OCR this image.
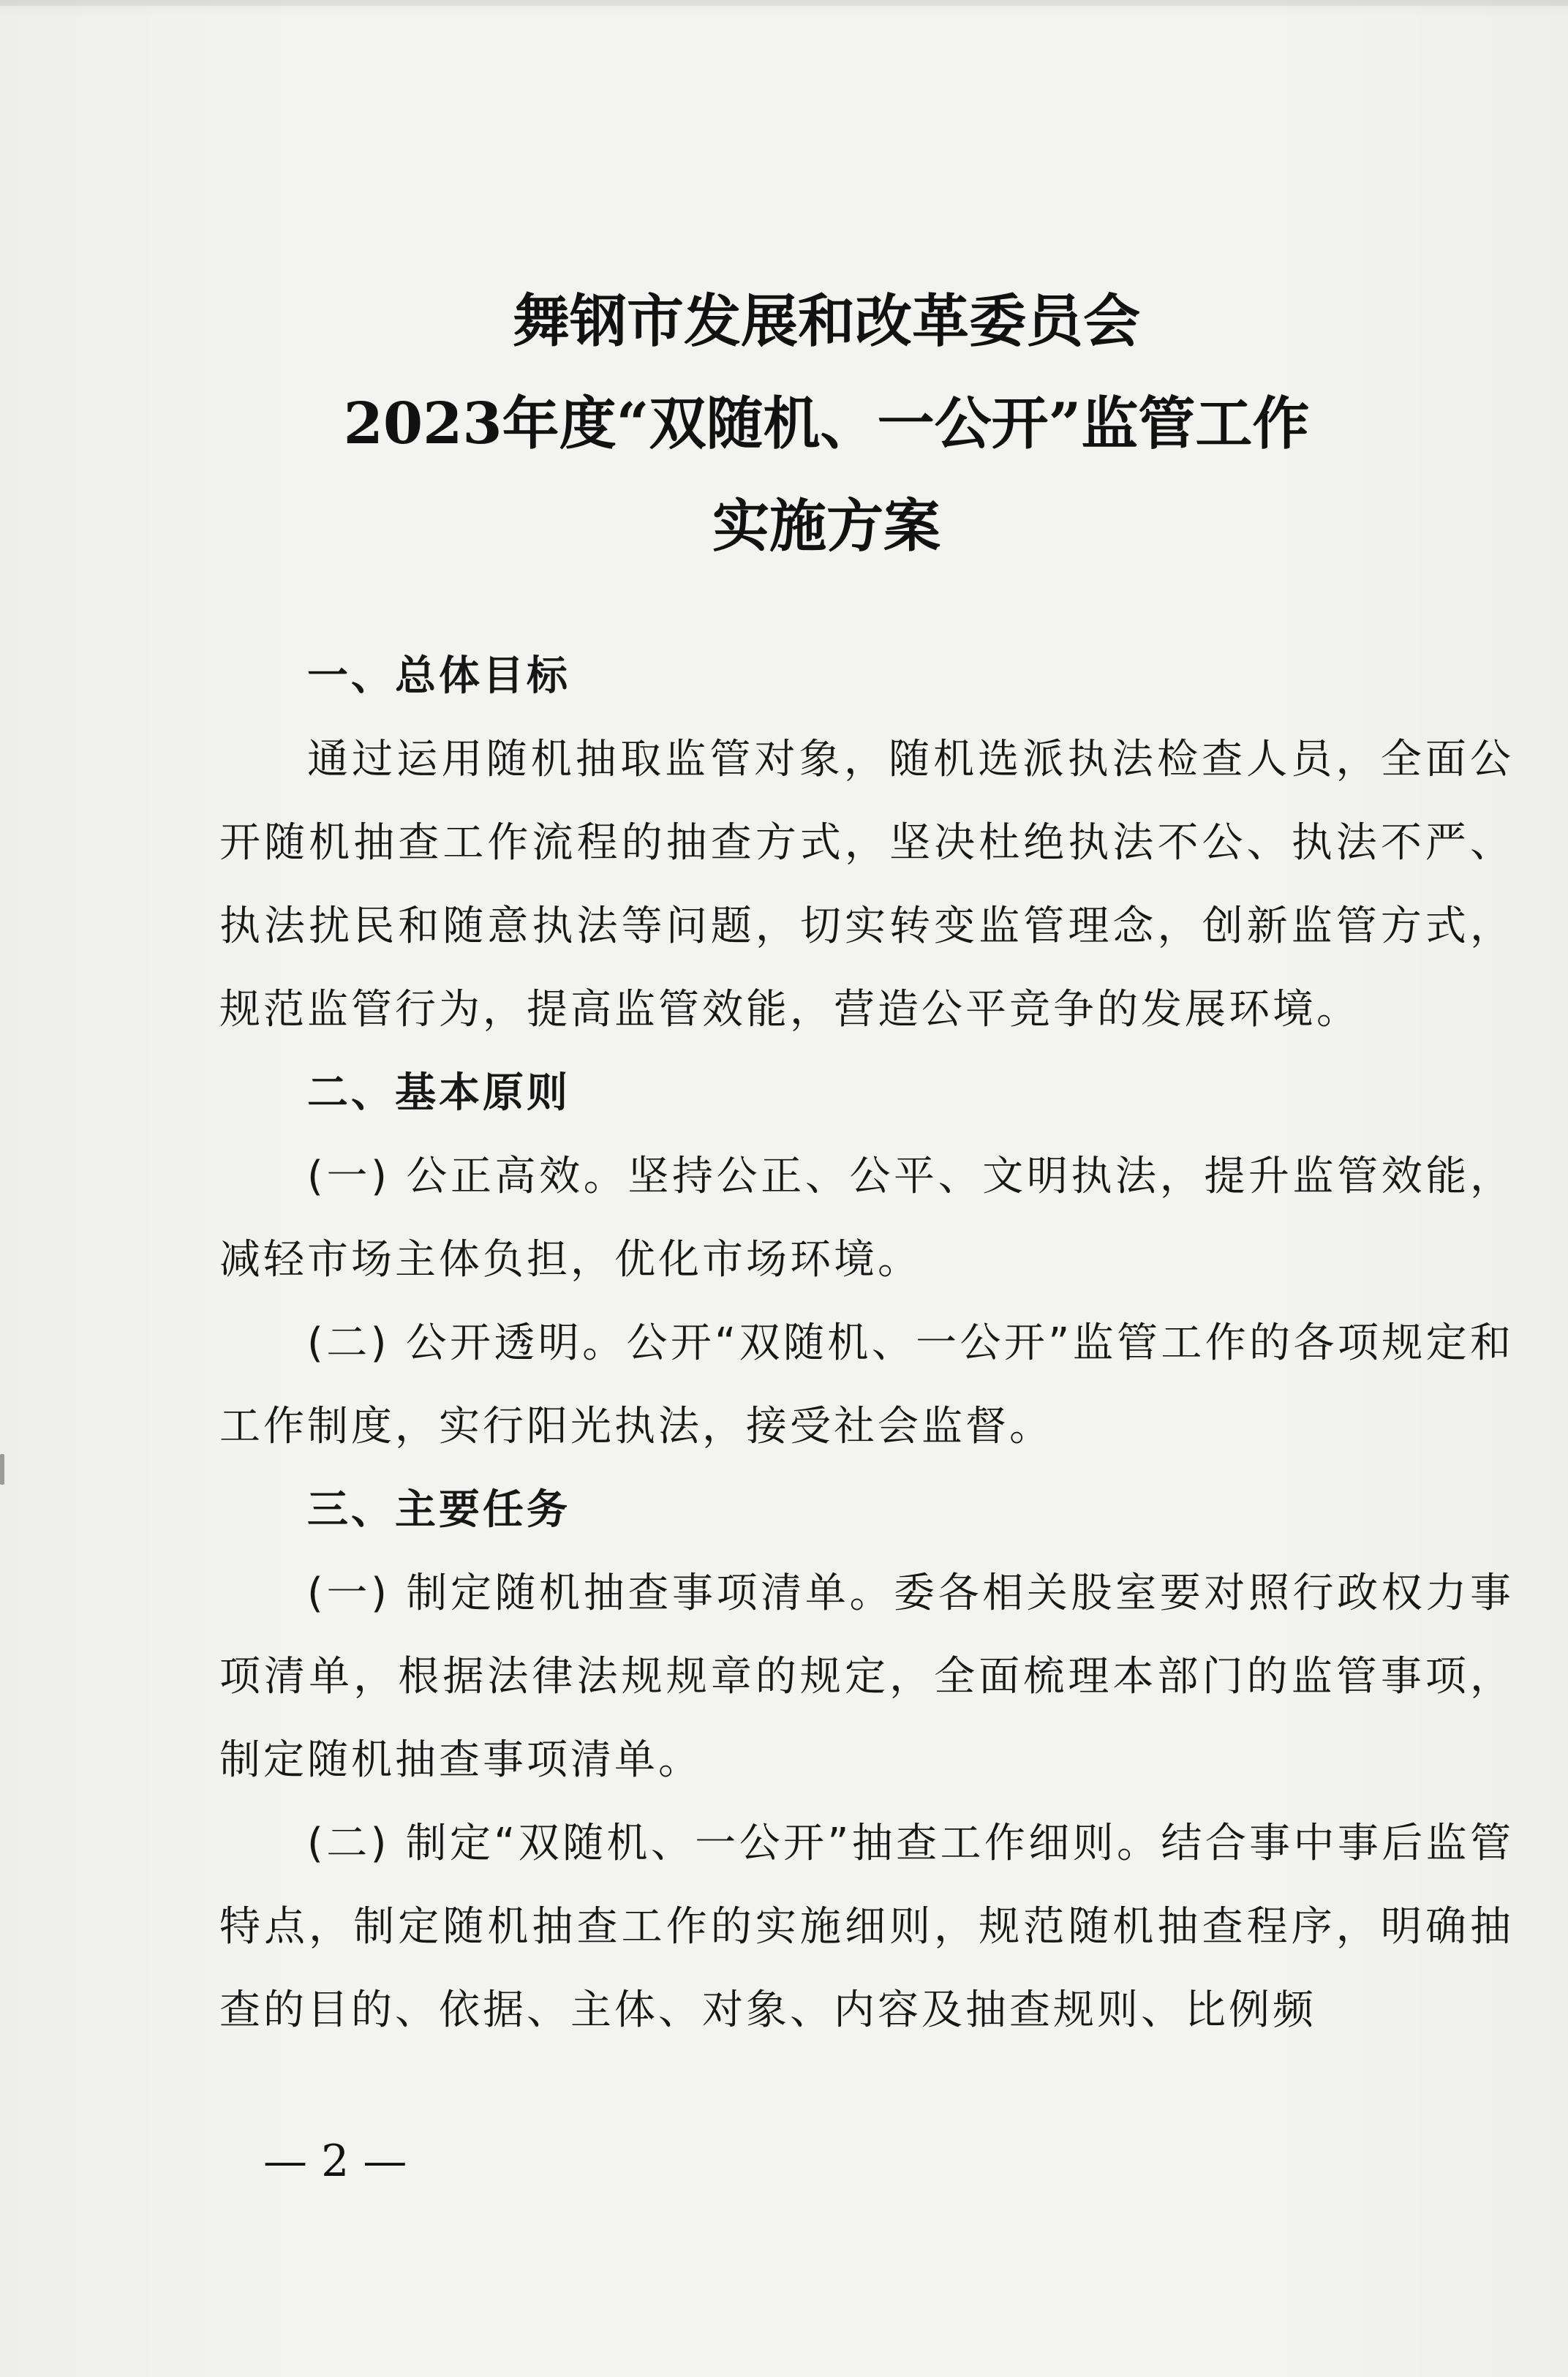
舞钢市发展和改革委员会
2023年度“双随机、一公开”监管工作
实施方案

一、总体目标

通过运用随机抽取监管对象，随机选派执法检查人员，全面公开随机抽查工作流程的抽查方式，坚决杜绝执法不公、执法不严、执法扰民和随意执法等问题，切实转变监管理念，创新监管方式，规范监管行为，提高监管效能，营造公平竞争的发展环境。

二、基本原则

(一) 公正高效。坚持公正、公平、文明执法，提升监管效能，减轻市场主体负担，优化市场环境。

(二) 公开透明。公开“双随机、一公开”监管工作的各项规定和工作制度，实行阳光执法，接受社会监督。

三、主要任务

(一) 制定随机抽查事项清单。委各相关股室要对照行政权力事项清单，根据法律法规规章的规定，全面梳理本部门的监管事项，制定随机抽查事项清单。

(二) 制定“双随机、一公开”抽查工作细则。结合事中事后监管特点，制定随机抽查工作的实施细则，规范随机抽查程序，明确抽查的目的、依据、主体、对象、内容及抽查规则、比例频

— 2 —
